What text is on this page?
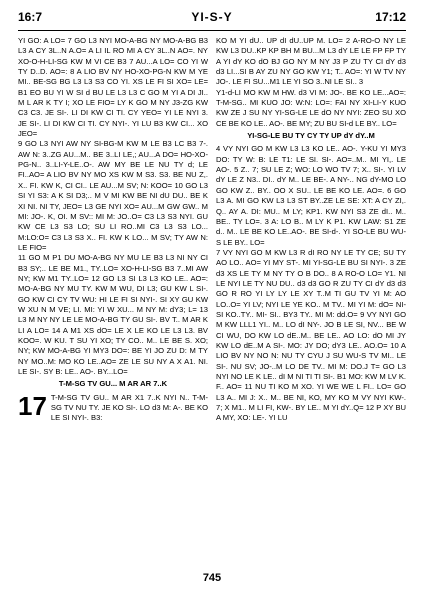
16:7	YI-S-Y	17:12

YI GO: A LO= 7 GO L3 NYI MO-A-BG NY MO-A-BG B3 L3 A CY 3L..N A.O= A LI IL RO MI A CY 3L..N AO=. NY XO-O-H-LI-SG KW M VI CE B3 7 AU...A LO= CO YI W TY D..D. AO=: 8 A LIO BV NY HO-XO-PG-N KW M YE MI.. BE-SG BG L3 L3 S3 CO YI. XS LE FI SI XO= LE= B1 EO BU YI W SI d BU LE L3 L3 C GO M YI A DI JI.. M L AR K TY I; XO LE FIO= LY K GO M NY J3-ZG KW C3 C3. JE SI-. LI DI KW CI TI. CY YEO= YI LE NYI 3. JE SI-. LI DI KW CI TI. CY NYI-. YI LU B3 KW CI... XO JEO=

9 GO L3 NYI AW NY SI-BG-M KW M LE B3 LC B3 7-. AW N: 3..ZG AU...M.. BE 3..LI LE,; AU...A DO= HO-XO-PG-N.. 3..LI-Y-LE..O-. AW MY BE LE NU TY d; LE FI..AO= A LIO BV NY MO XS KW M S3. S3. BE NU Z,. X.. FI. KW K, CI CI.. LE AU...M SV; N: KOO= 10 GO L3 SI YI S3: A K SI D3;.. M V MI KW BE NI dU DU.. BE K XI NI. NI TY, JEO= L3 GE NYI XO= AU...M GW GW.. M MI: JO-. K, OI. M SV:: MI M: JO..O= C3 L3 S3 NYI. GU KW CE L3 S3 LO; SU LI RO..MI C3 L3 S3 LO... M:LO:O= C3 L3 S3 X.. FI. KW K LO... M SV; TY AW N: LE FIO=

11 GO M P1 DU MO-A-BG NY MU LE B3 L3 NI NY CI B3 SY;.. LE BE M1., TY..LO= XO-H-LI-SG B3 7..MI AW NY; KW M1 TY..LO= 12 GO L3 SI L3 L3 KO LE.. AO=: MO-A-BG NY MU TY. KW M WU, DI L3; GU KW L SI-. GO KW CI CY TV WU: HI LE FI SI NYI-. SI XY GU KW W XU N M VE; LI. MI: YI W XU... M NY M: dY3; L= 13 L3 M NY NY LE LE MO-A-BG TY GU SI-. BV T.. M AR K LI A LO= 14 A M1 XS dO= LE X LE KO LE L3 L3. BV KOO=. W KU. T SU YI XO; TY CO.. M.. LE BE S. XO; NY; KW MO-A-BG YI MY3 DO=: BE YI JO ZU D: M TY NY MO..M: MO KO LE..AO= ZE LE SU NY A X A1. NI. LE SI-. SY B: LE.. AO-. BY...LO=

T-M-SG TV GU... M AR AR 7..K

17 T-M-SG TV GU.. M AR X1 7..K NYI N.. T-M-SG TV NU TY. JE KO SI-. LO d3 M: A-. BE KO LE SI NYI-. B3:

KO M YI dU.. UP dI dU..UP M. LO= 2 A-RO-O NY LE KW L3 DU..KP KP BH M BU...M L3 dY LE LE FP FP TY A YI dY KO dO BJ GO NY M NY J3 P ZU TY CI dY d3 d3 LI...SI B AY ZU NY GO KW Y1; T.. AO=: YI W TV NY JO-. LE FI SU...M1 LE YI SO 3..NI LE SI.. 3

Y1-d-LI MO KW M HW. d3 VI M: JO-. BE KO LE...AO=: T-M-SG.. MI KUO JO: W:N: LO=: FAI NY XI-LI-Y KUO KW ZE J SU NY YI-SG-LE LE dO NY NYI: ZEO SU XO CE BE KO LE.. AO-. BE MY; ZU BU SI-d LE BY.. LO=

YI-SG-LE BU TY CY TY UP dY dY..M

4 VY NYI GO M KW L3 L3 KO LE.. AO-. Y-KU YI MY3 DO: TY W: B: LE T1: LE SI. SI-. AO=..M.. MI YI,. LE AO-. 5 Z.. 7; SU LE Z; WO: LO WO TV 7; X.. SI-. YI LV dY LE Z N3.. DI.. dY M.. LE BE-. A NY-.. NG dY-MO LO GO KW Z.. BY.. OO X SU.. LE BE KO LE. AO=. 6 GO L3 A. MI GO KW L3 L3 ST BY..ZE LE SE: XT: A CY ZI,. Q.. AY A. DI: MU.. M LY; KP1. KW NYI S3 ZE dI.. M.. BE.. TY LO=. 3 A: LO B.. M LY K P1. KW LAW: S1 ZE d.. M.. LE BE KO LE..AO-. BE SI-d-. YI SO-LE BU WU-S LE BY.. LO=

7 VY NYI GO M KW L3 R dI RO NY LE TY CE; SU TY AO LO.. AO= YI MY ST-. MI YI-SG-LE BU SI NYI-. 3 ZE d3 XS LE TY M NY TY O B DO.. 8 A RO-O LO= Y1. NI LE NYI LE TY NU DU.. d3 d3 GO R ZU TY CI dY d3 d3 GO R RO YI LY LY LE XY T..M TI GU TV YI M: AO LO..O= YI LV; NYI LE YE KO.. M TV.. MI YI M: dO= NI- SI KO..TY.. MI- SI.. BY3 TY.. MI M: dd.O= 9 VY NYI GO M KW LLL1 YI.. M.. LO dI NY-. JO B LE SI, NV... BE W CI WU, DO KW LO dE..M.. BE LE.. AO LO: dO MI JY KW LO dE..M A SI-. MO: JY DO; dY3 LE.. AO.O= 10 A LIO BV NY NO N: NU TY CYU J SU WU-S TV MI.. LE SI-. NU SV; JO-..M LO DE TV.. MI M: DO.J T= GO L3 NYI NO LE K LE.. dI M NI TI TI SI-. B1 MO: KW M LV K. F.. AO= 11 NU TI KO M XO. YI WE WE L FI.. LO= GO L3 A.. MI J: X.. M.. BE NI, KO, MY KO M VY NYI KW-. 7; X M1.. M LI FI, KW-. BY LE.. M YI dY..Q= 12 P XY BU A MY, XO: LE-. YI LU

745
